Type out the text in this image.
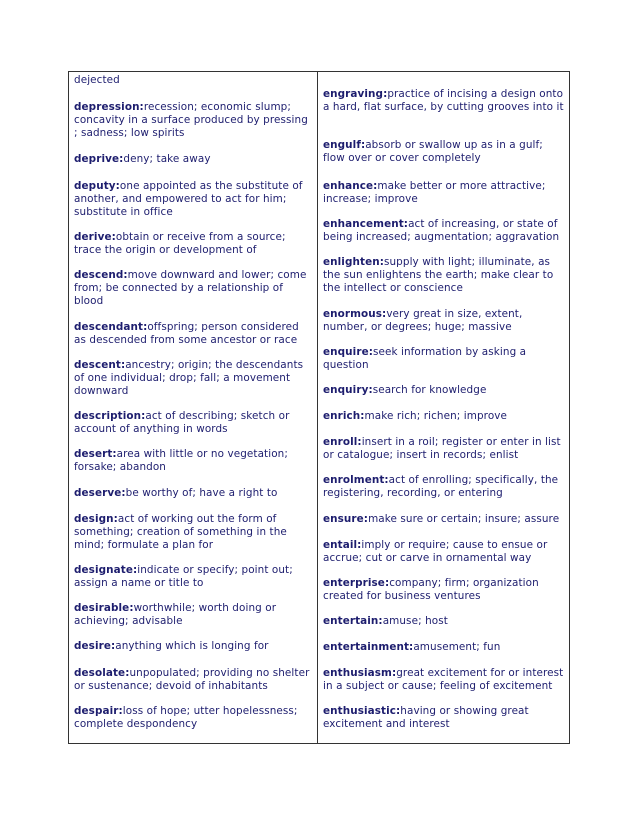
dejected
depression:recession; economic slump; concavity in a surface produced by pressing ; sadness; low spirits
deprive:deny; take away
deputy:one appointed as the substitute of another, and empowered to act for him; substitute in office
derive:obtain or receive from a source; trace the origin or development of
descend:move downward and lower; come from; be connected by a relationship of blood
descendant:offspring; person considered as descended from some ancestor or race
descent:ancestry; origin; the descendants of one individual; drop; fall; a movement downward
description:act of describing; sketch or account of anything in words
desert:area with little or no vegetation; forsake; abandon
deserve:be worthy of; have a right to
design:act of working out the form of something; creation of something in the mind; formulate a plan for
designate:indicate or specify; point out; assign a name or title to
desirable:worthwhile; worth doing or achieving; advisable
desire:anything which is longing for
desolate:unpopulated; providing no shelter or sustenance; devoid of inhabitants
despair:loss of hope; utter hopelessness; complete despondency
engraving:practice of incising a design onto a hard, flat surface, by cutting grooves into it
engulf:absorb or swallow up as in a gulf; flow over or cover completely
enhance:make better or more attractive; increase; improve
enhancement:act of increasing, or state of being increased; augmentation; aggravation
enlighten:supply with light; illuminate, as the sun enlightens the earth; make clear to the intellect or conscience
enormous:very great in size, extent, number, or degrees; huge; massive
enquire:seek information by asking a question
enquiry:search for knowledge
enrich:make rich; richen; improve
enroll:insert in a roil; register or enter in list or catalogue; insert in records; enlist
enrolment:act of enrolling; specifically, the registering, recording, or entering
ensure:make sure or certain; insure; assure
entail:imply or require; cause to ensue or accrue; cut or carve in ornamental way
enterprise:company; firm; organization created for business ventures
entertain:amuse; host
entertainment:amusement; fun
enthusiasm:great excitement for or interest in a subject or cause; feeling of excitement
enthusiastic:having or showing great excitement and interest
